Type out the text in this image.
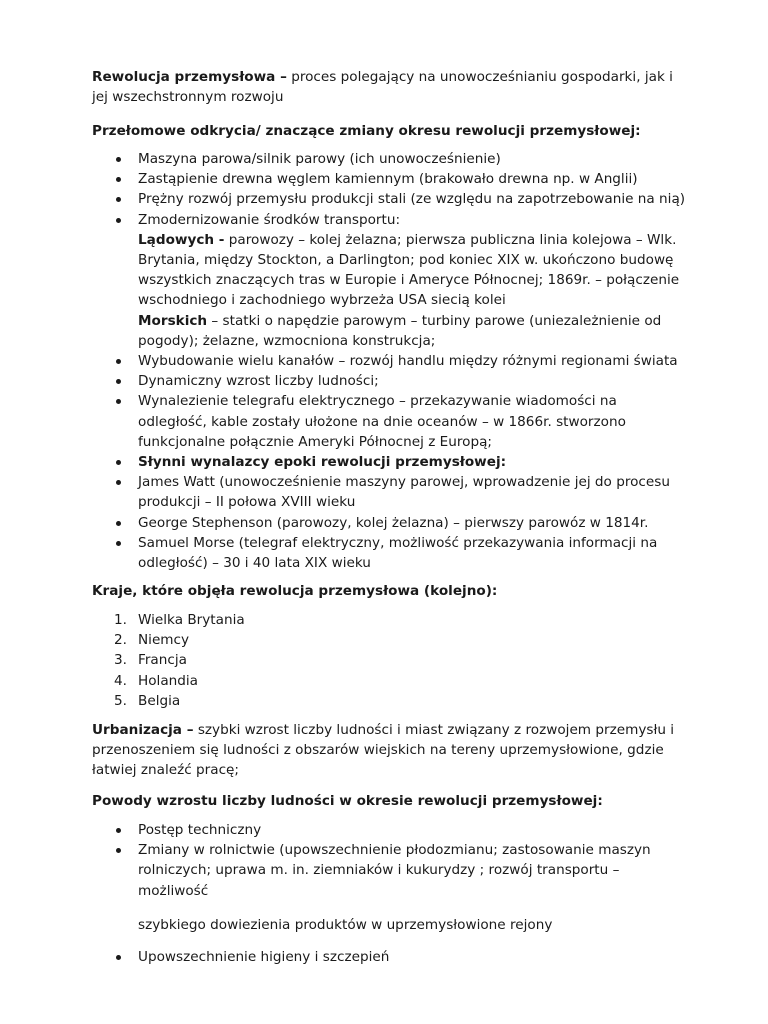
Rewolucja przemysłowa – proces polegający na unowocześnianiu gospodarki, jak i jej wszechstronnym rozwoju

Przełomowe odkrycia/ znaczące zmiany okresu rewolucji przemysłowej:

Maszyna parowa/silnik parowy (ich unowocześnienie)
Zastąpienie drewna węglem kamiennym (brakowało drewna np. w Anglii)
Prężny rozwój przemysłu produkcji stali (ze względu na zapotrzebowanie na nią)
Zmodernizowanie środków transportu:
Lądowych - parowozy – kolej żelazna; pierwsza publiczna linia kolejowa – Wlk. Brytania, między Stockton, a Darlington; pod koniec XIX w. ukończono budowę wszystkich znaczących tras w Europie i Ameryce Północnej; 1869r. – połączenie wschodniego i zachodniego wybrzeża USA siecią kolei
Morskich – statki o napędzie parowym – turbiny parowe (uniezależnienie od pogody); żelazne, wzmocniona konstrukcja;
Wybudowanie wielu kanałów – rozwój handlu między różnymi regionami świata
Dynamiczny wzrost liczby ludności;
Wynalezienie telegrafu elektrycznego – przekazywanie wiadomości na odległość, kable zostały ułożone na dnie oceanów – w 1866r. stworzono funkcjonalne połącznie Ameryki Północnej z Europą;
Słynni wynalazcy epoki rewolucji przemysłowej:
James Watt (unowocześnienie maszyny parowej, wprowadzenie jej do procesu produkcji – II połowa XVIII wieku
George Stephenson (parowozy, kolej żelazna) – pierwszy parowóz w 1814r.
Samuel Morse (telegraf elektryczny, możliwość przekazywania informacji na odległość) – 30 i 40 lata XIX wieku

Kraje, które objęła rewolucja przemysłowa (kolejno):

1. Wielka Brytania
2. Niemcy
3. Francja
4. Holandia
5. Belgia

Urbanizacja – szybki wzrost liczby ludności i miast związany z rozwojem przemysłu i przenoszeniem się ludności z obszarów wiejskich na tereny uprzemysłowione, gdzie łatwiej znaleźć pracę;

Powody wzrostu liczby ludności w okresie rewolucji przemysłowej:

Postęp techniczny
Zmiany w rolnictwie (upowszechnienie płodozmianu; zastosowanie maszyn rolniczych; uprawa m. in. ziemniaków i kukurydzy ; rozwój transportu – możliwość
szybkiego dowiezienia produktów w uprzemysłowione rejony
Upowszechnienie higieny i szczepień
